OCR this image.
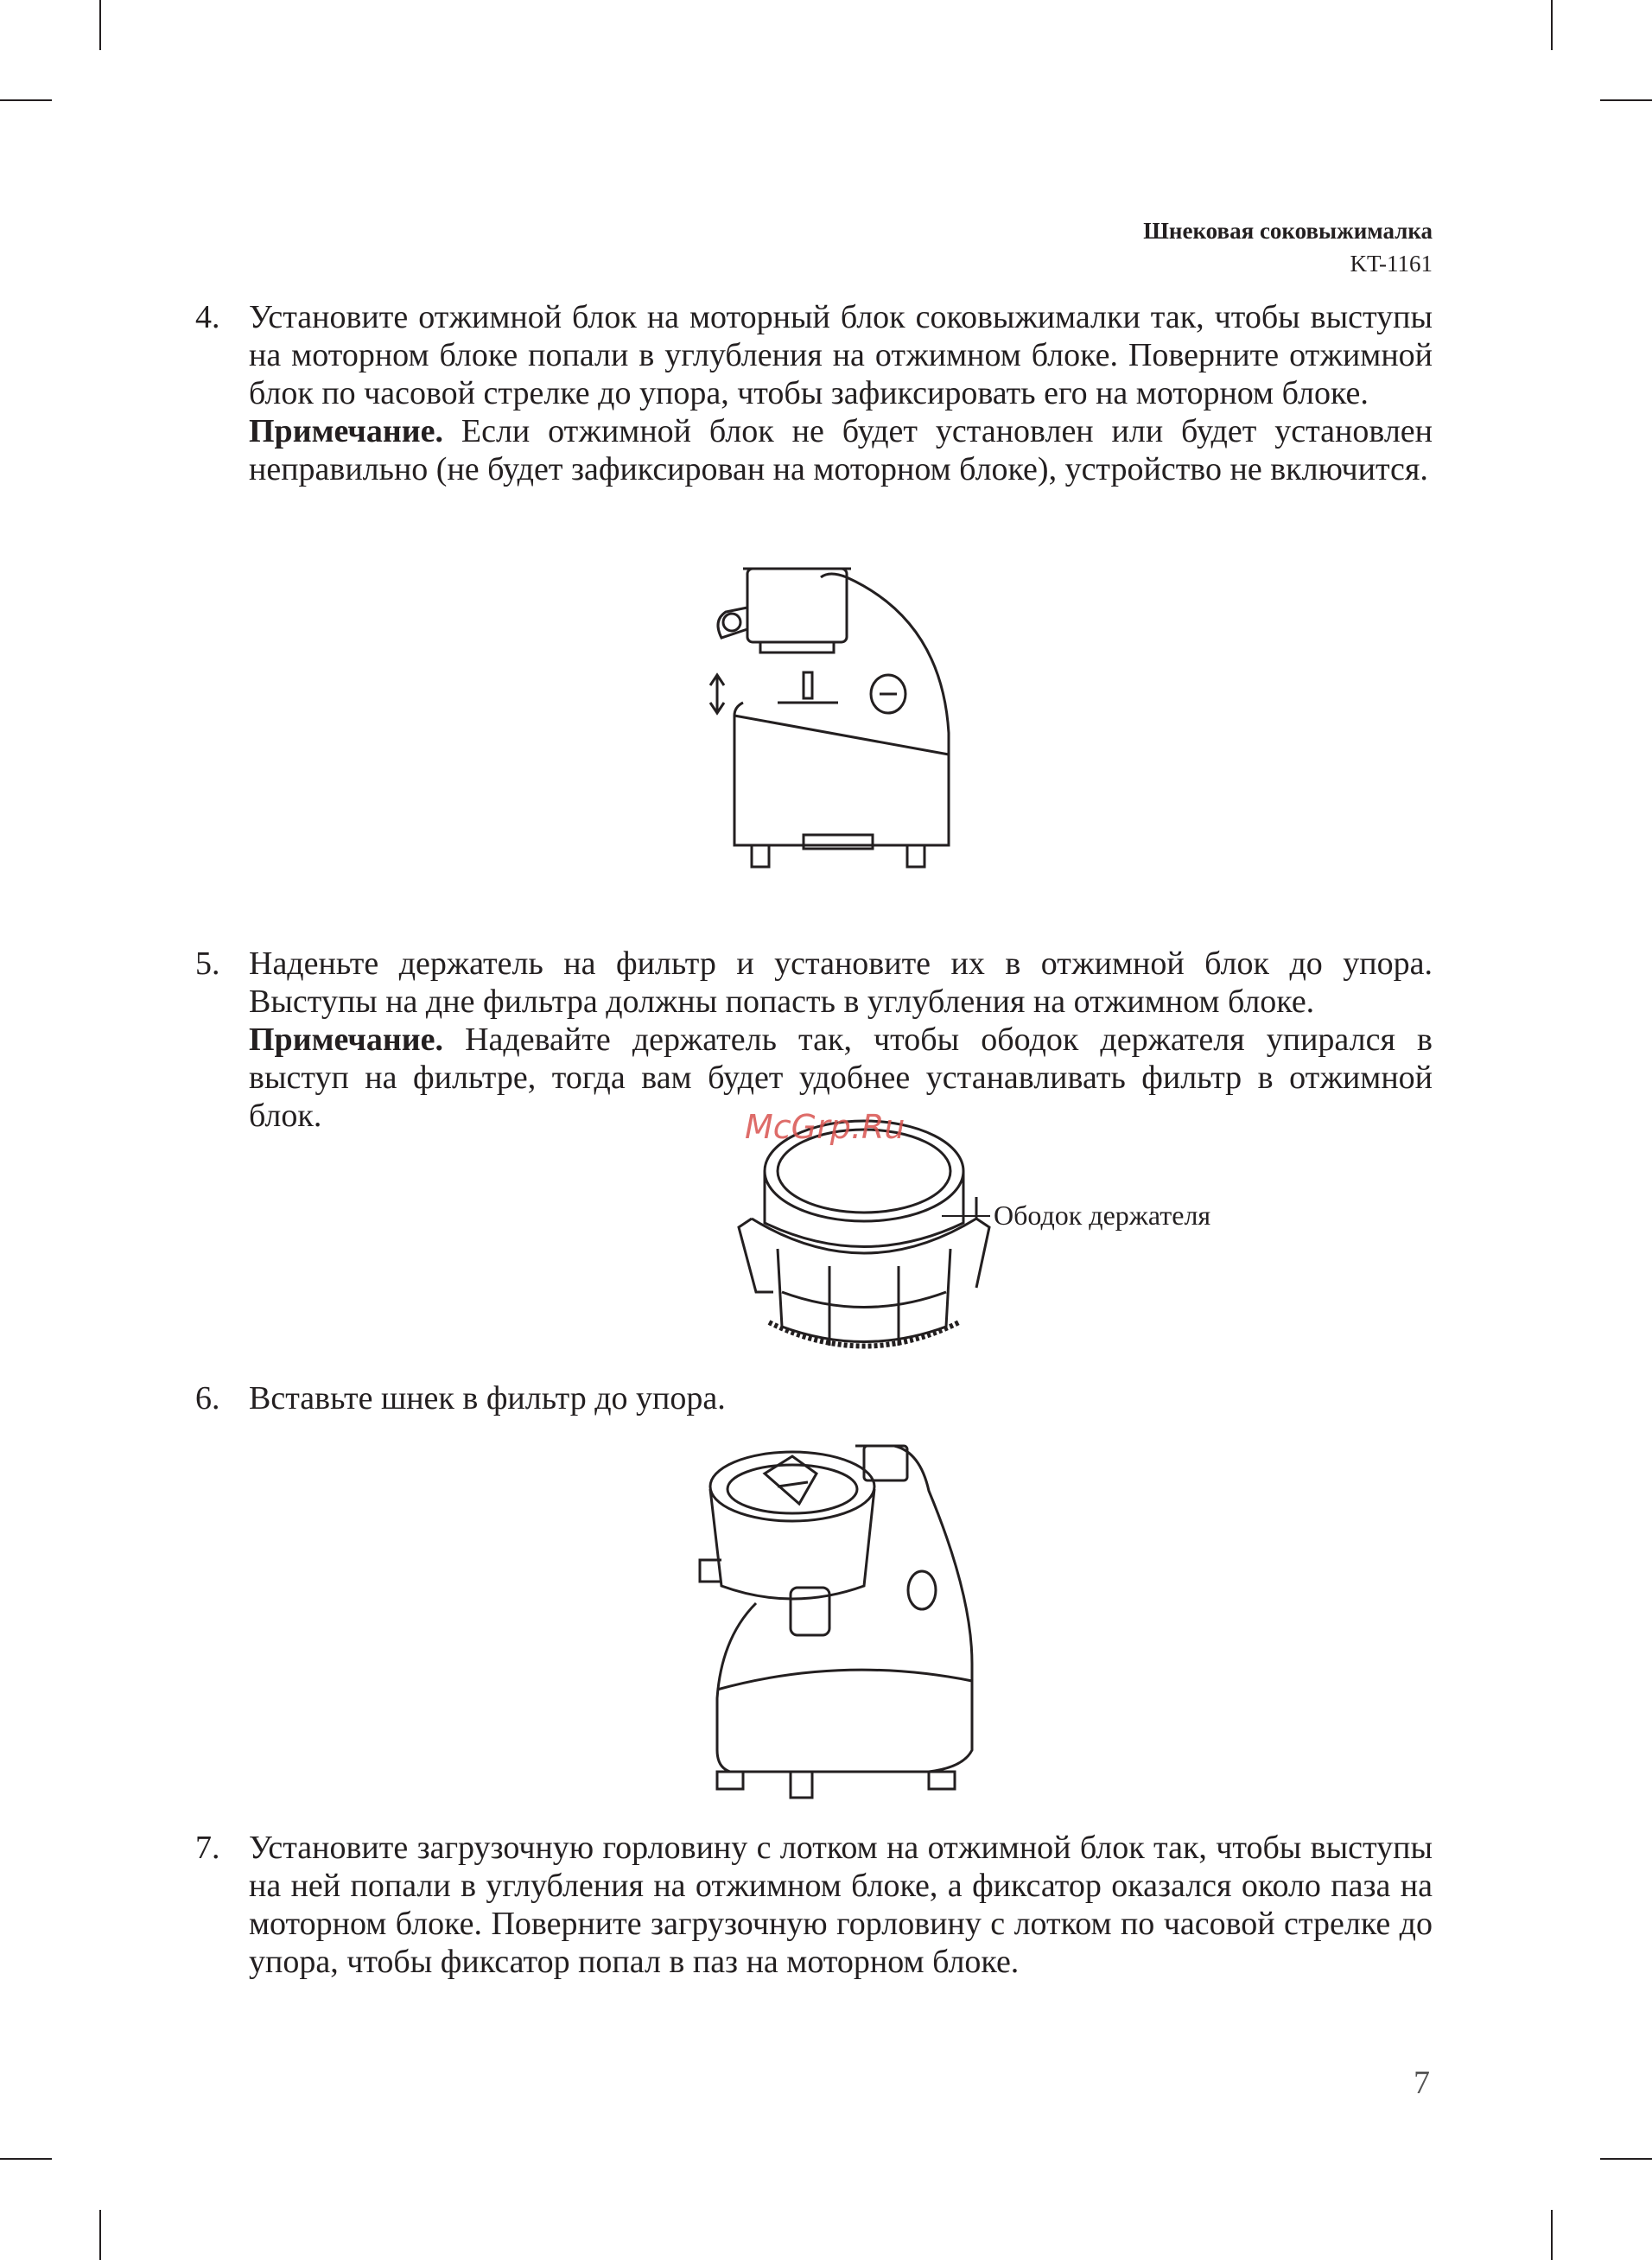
Шнековая соковыжималка
KT-1161
4. Установите отжимной блок на моторный блок соковыжималки так, чтобы выступы на моторном блоке попали в углубления на отжимном блоке. Поверните отжимной блок по часовой стрелке до упора, чтобы зафиксировать его на моторном блоке.

Примечание. Если отжимной блок не будет установлен или будет установлен неправильно (не будет зафиксирован на моторном блоке), устройство не включится.

5. Наденьте держатель на фильтр и установите их в отжимной блок до упора. Выступы на дне фильтра должны попасть в углубления на отжимном блоке.

Примечание. Надевайте держатель так, чтобы ободок держателя упирался в выступ на фильтре, тогда вам будет удобнее устанавливать фильтр в отжимной блок.	McGrp.Ru
Ободок держателя
6. Вставьте шнек в фильтр до упора.

7. Установите загрузочную горловину с лотком на отжимной блок так, чтобы выступы на ней попали в углубления на отжимном блоке, а фиксатор оказался около паза на моторном блоке. Поверните загрузочную горловину с лотком по часовой стрелке до упора, чтобы фиксатор попал в паз на моторном блоке.

7
